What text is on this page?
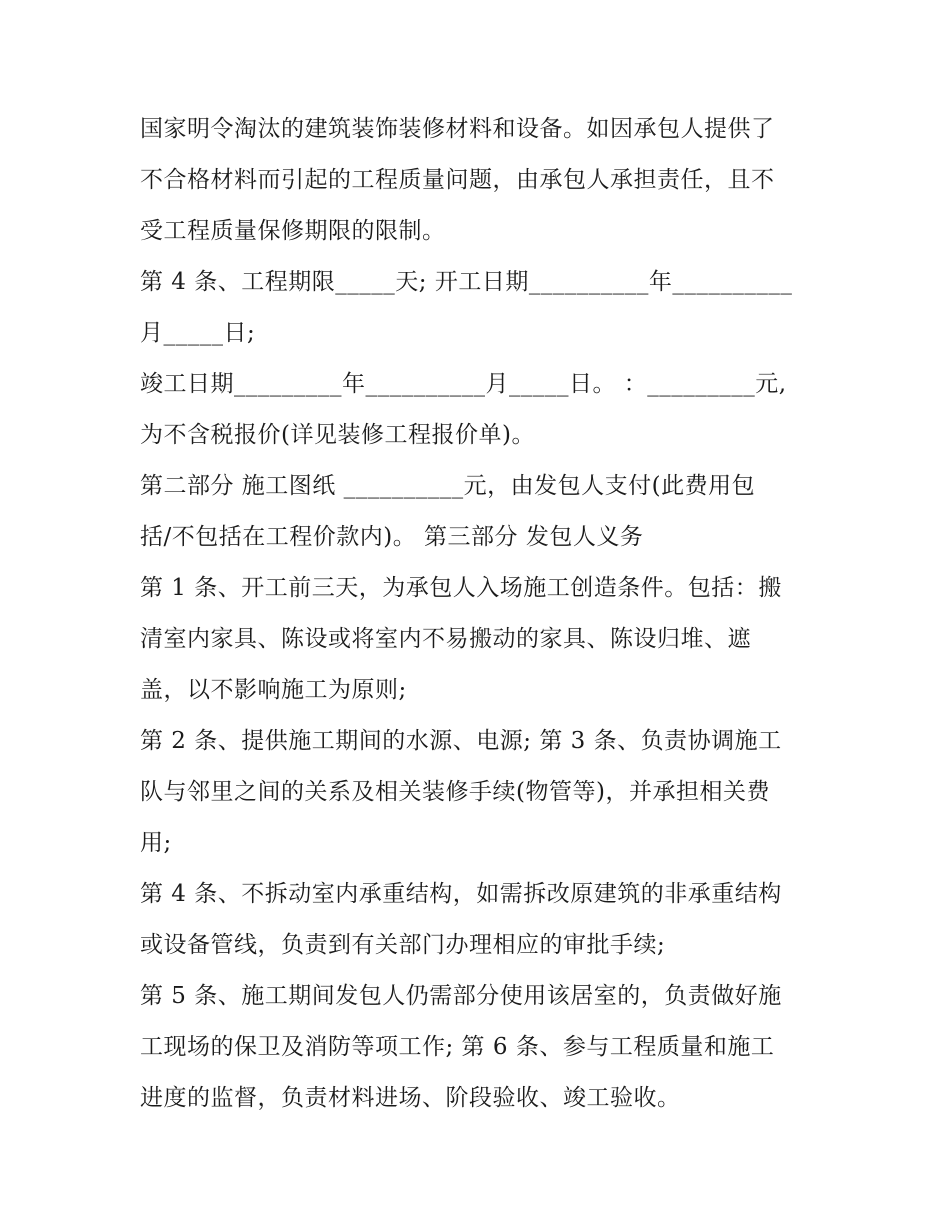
国家明令淘汰的建筑装饰装修材料和设备。如因承包人提供了
不合格材料而引起的工程质量问题，由承包人承担责任，且不
受工程质量保修期限的限制。
第 4 条、工程期限_____天; 开工日期__________年__________
月_____日;
竣工日期_________年__________月_____日。 ：_________元,
为不含税报价(详见装修工程报价单)。
第二部分 施工图纸 __________元，由发包人支付(此费用包
括/不包括在工程价款内)。 第三部分 发包人义务
第 1 条、开工前三天，为承包人入场施工创造条件。包括：搬
清室内家具、陈设或将室内不易搬动的家具、陈设归堆、遮
盖，以不影响施工为原则;
第 2 条、提供施工期间的水源、电源; 第 3 条、负责协调施工
队与邻里之间的关系及相关装修手续(物管等)，并承担相关费
用;
第 4 条、不拆动室内承重结构，如需拆改原建筑的非承重结构
或设备管线，负责到有关部门办理相应的审批手续;
第 5 条、施工期间发包人仍需部分使用该居室的，负责做好施
工现场的保卫及消防等项工作; 第 6 条、参与工程质量和施工
进度的监督，负责材料进场、阶段验收、竣工验收。
